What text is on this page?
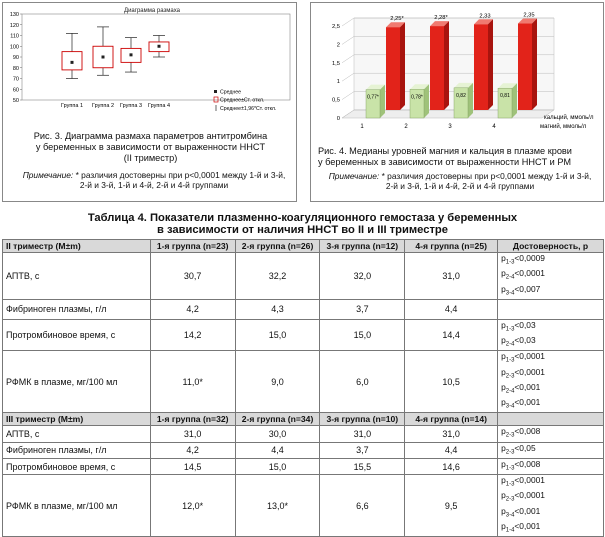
Диаграмма размаха
50
60
70
80
90
100
110
120
130
Группа 1 Группа 2 Группа 3 Группа 4
Среднее
Среднее±Ст. откл.
Среднее±1,96*Ст. откл.
Рис. 3. Диаграмма размаха параметров антитромбина
у беременных в зависимости от выраженности НHCT
(II триместр)
Примечание: * различия достоверны при р<0,0001 между 1-й и 3-й,
2-й и 3-й, 1-й и 4-й, 2-й и 4-й группами
0
0,5
1
1,5
2
2,5
2,25*
0,77*
2,28*
0,78*
2,33
0,82
2,35
0,81
1	2	3	4
кальций, ммоль/л
магний, ммоль/л
Рис. 4. Медианы уровней магния и кальция в плазме крови
у беременных в зависимости от выраженности НHCT и РМ
Примечание: * различия достоверны при р<0,0001 между 1-й и 3-й,
2-й и 3-й, 1-й и 4-й, 2-й и 4-й группами
Таблица 4. Показатели плазменно-коагуляционного гемостаза у беременных
в зависимости от наличия НHCT во II и III триместре
II триместр (M±m)	1-я группа (n=23)	2-я группа (n=26)	3-я группа (n=12)	4-я группа (n=25)	Достоверность, р
АПТВ, с	30,7	32,2	32,0	31,0	$р_{1-3}<0,0009$
$р_{2-4}<0,0001$
$р_{3-4}<0,007$

Фибриноген плазмы, г/л	4,2	4,3	3,7	4,4	
Протромбиновое время, с	14,2	15,0	15,0	14,4	$р_{1-3}<0,03$
$р_{2-4}<0,03$

РФМК в плазме, мг/100 мл	11,0*	9,0	6,0	10,5	$р_{1-3}<0,0001$
$р_{2-3}<0,0001$
$р_{2-4}<0,001$
$р_{3-4}<0,001$

III триместр (M±m)	1-я группа (n=32)	2-я группа (n=34)	3-я группа (n=10)	4-я группа (n=14)	
АПТВ, с	31,0	30,0	31,0	31,0	$р_{2-3}<0,008$

Фибриноген плазмы, г/л	4,2	4,4	3,7	4,4	$р_{2-3}<0,05$

Протромбиновое время, с	14,5	15,0	15,5	14,6	$р_{1-3}<0,008$

РФМК в плазме, мг/100 мл	12,0*	13,0*	6,6	9,5	$р_{1-3}<0,0001$
$р_{2-3}<0,0001$
$р_{3-4}<0,001$
$р_{1-4}<0,001$
